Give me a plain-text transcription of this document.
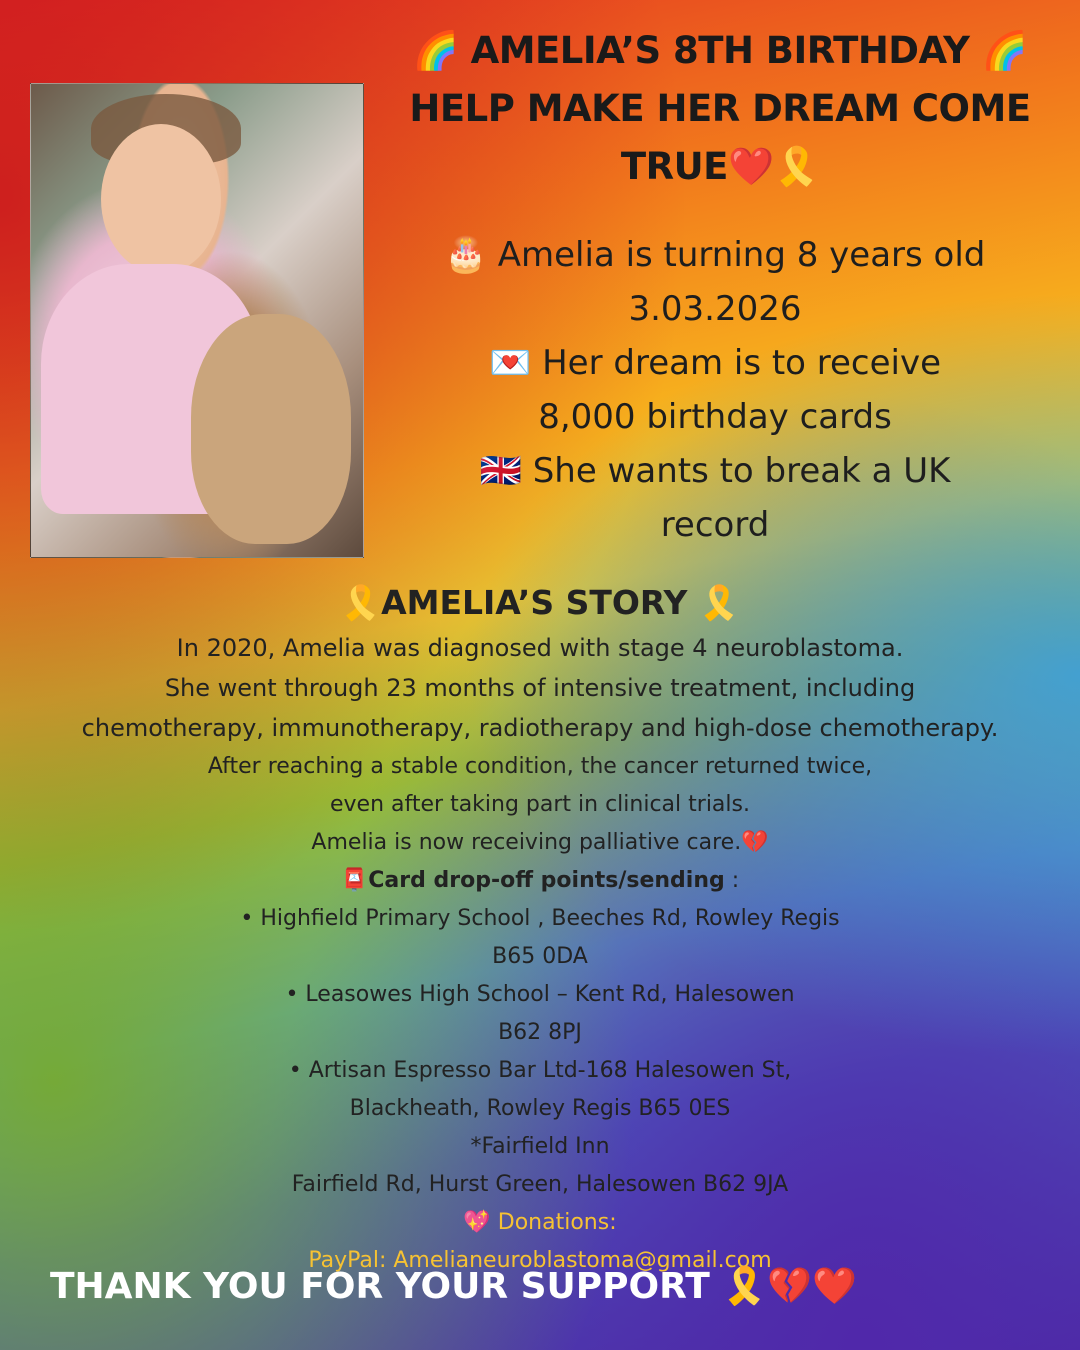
🌈 AMELIA’S 8TH BIRTHDAY 🌈
HELP MAKE HER DREAM COME
TRUE❤️🎗️
🎂 Amelia is turning 8 years old
3.03.2026
💌 Her dream is to receive
8,000 birthday cards
🇬🇧 She wants to break a UK
record
🎗️AMELIA’S STORY 🎗️
In 2020, Amelia was diagnosed with stage 4 neuroblastoma.
She went through 23 months of intensive treatment, including
chemotherapy, immunotherapy, radiotherapy and high-dose chemotherapy.
After reaching a stable condition, the cancer returned twice,
even after taking part in clinical trials.
Amelia is now receiving palliative care.💔
📮Card drop-off points/sending :
• Highfield Primary School , Beeches Rd, Rowley Regis
B65 0DA
• Leasowes High School – Kent Rd, Halesowen
B62 8PJ
• Artisan Espresso Bar Ltd-168 Halesowen St,
Blackheath, Rowley Regis B65 0ES
*Fairfield Inn
Fairfield Rd, Hurst Green, Halesowen B62 9JA
💖 Donations:
PayPal: Amelianeuroblastoma@gmail.com
THANK YOU FOR YOUR SUPPORT 🎗️💔❤️
